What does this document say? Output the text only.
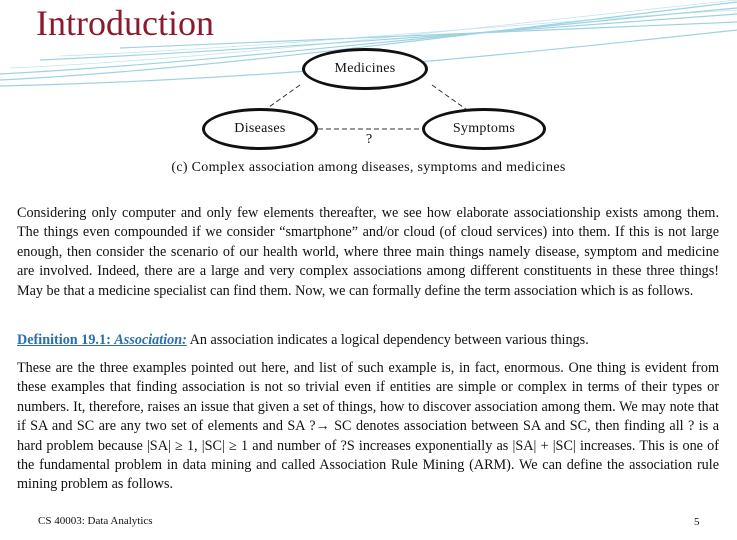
Introduction
Medicines
Diseases	Symptoms
?
(c) Complex association among diseases, symptoms and medicines
Considering only computer and only few elements thereafter, we see how elaborate associationship exists among them. The things even compounded if we consider “smartphone” and/or cloud (of cloud services) into them. If this is not large enough, then consider the scenario of our health world, where three main things namely disease, symptom and medicine are involved. Indeed, there are a large and very complex associations among different constituents in these three things! May be that a medicine specialist can find them. Now, we can formally define the term association which is as follows.
Definition 19.1: Association: An association indicates a logical dependency between various things.
These are the three examples pointed out here, and list of such example is, in fact, enormous. One thing is evident from these examples that finding association is not so trivial even if entities are simple or complex in terms of their types or numbers. It, therefore, raises an issue that given a set of things, how to discover association among them. We may note that if SA and SC are any two set of elements and SA ?→ SC denotes association between SA and SC, then finding all ? is a hard problem because |SA| ≥ 1, |SC| ≥ 1 and number of ?S increases exponentially as |SA| + |SC| increases. This is one of the fundamental problem in data mining and called Association Rule Mining (ARM). We can define the association rule mining problem as follows.
CS 40003: Data Analytics	5
